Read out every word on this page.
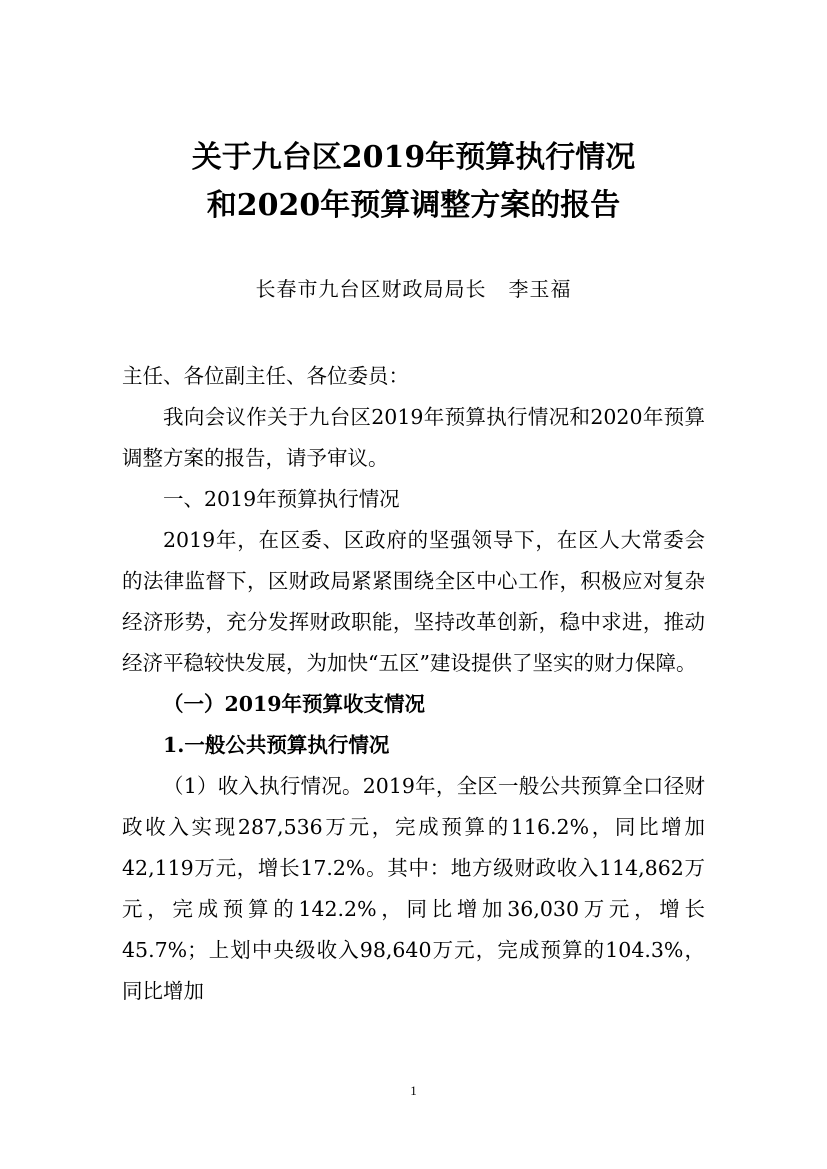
关于九台区2019年预算执行情况
和2020年预算调整方案的报告
长春市九台区财政局局长   李玉福

主任、各位副主任、各位委员：

我向会议作关于九台区2019年预算执行情况和2020年预算调整方案的报告，请予审议。

一、2019年预算执行情况

2019年，在区委、区政府的坚强领导下，在区人大常委会的法律监督下，区财政局紧紧围绕全区中心工作，积极应对复杂经济形势，充分发挥财政职能，坚持改革创新，稳中求进，推动经济平稳较快发展，为加快“五区”建设提供了坚实的财力保障。

（一）2019年预算收支情况

1.一般公共预算执行情况

（1）收入执行情况。2019年，全区一般公共预算全口径财政收入实现287,536万元，完成预算的116.2%，同比增加42,119万元，增长17.2%。其中：地方级财政收入114,862万元，完成预算的142.2%，同比增加36,030万元，增长45.7%；上划中央级收入98,640万元，完成预算的104.3%，同比增加

1
